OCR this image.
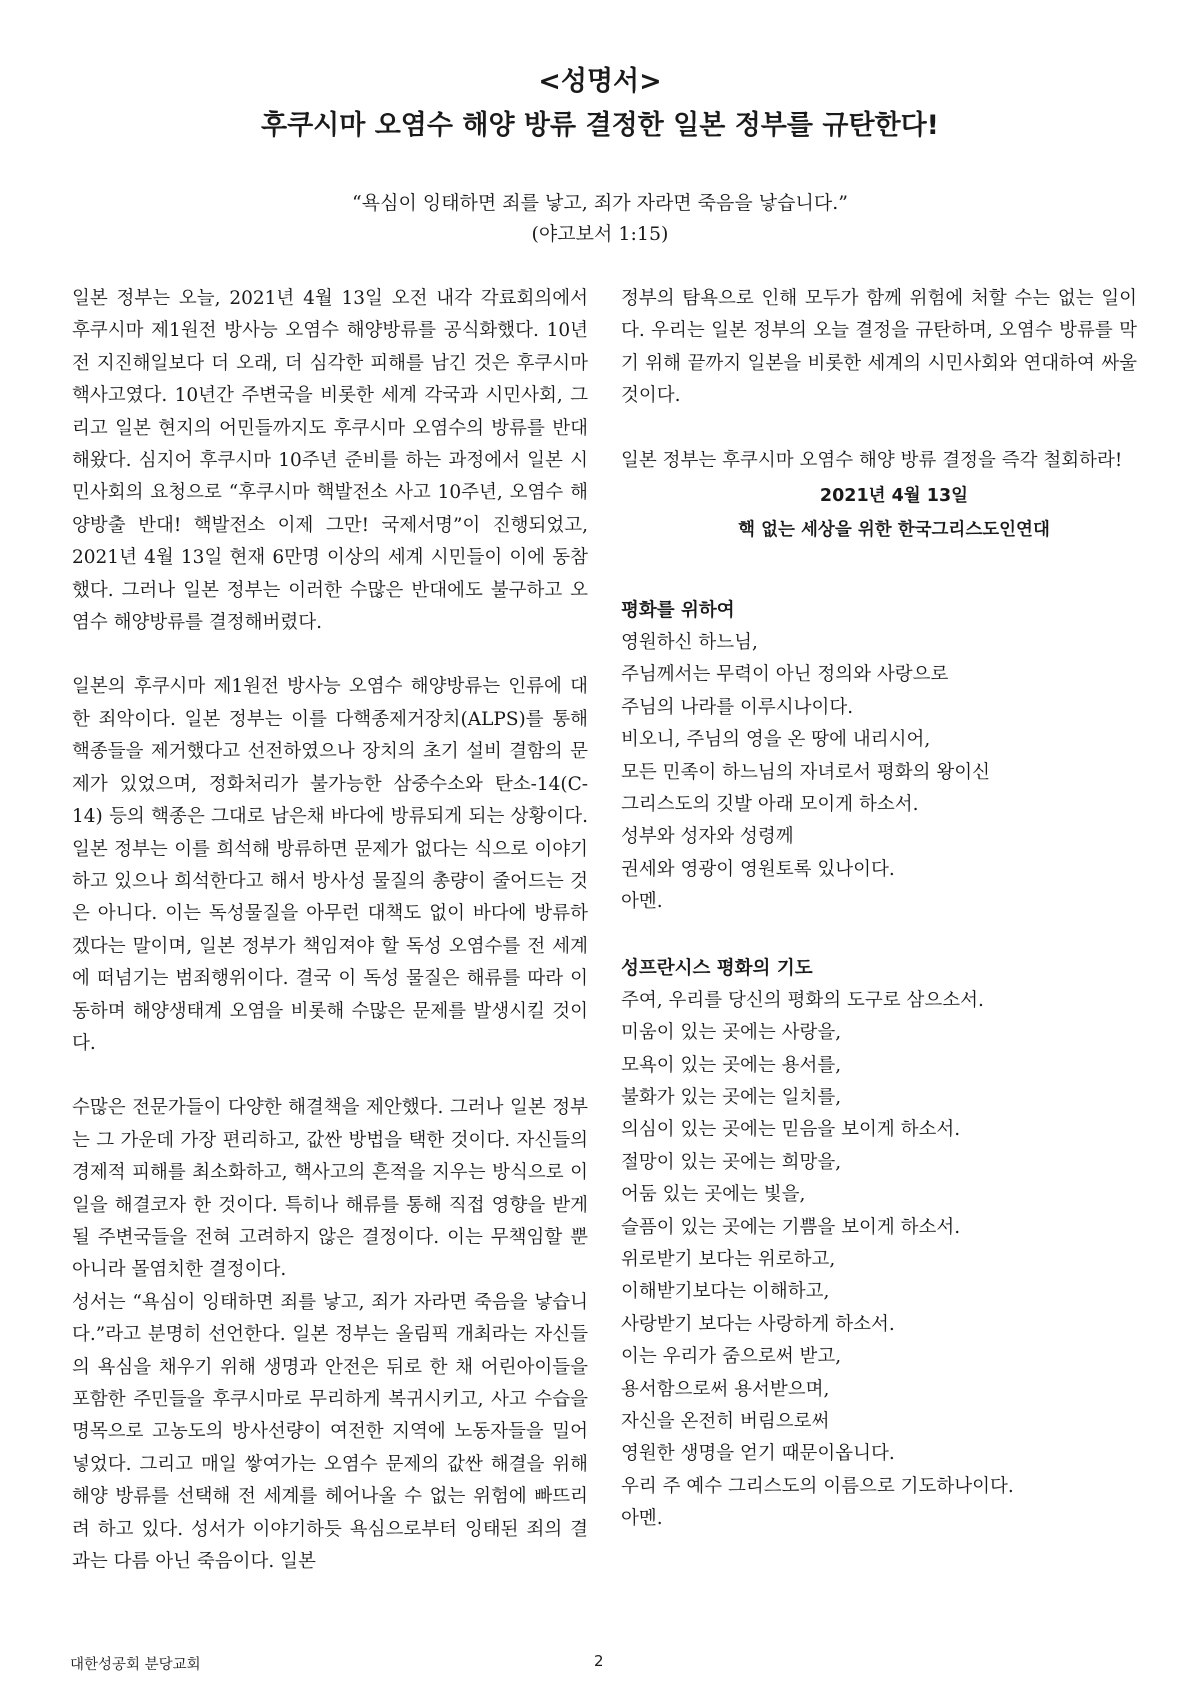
<성명서>
후쿠시마 오염수 해양 방류 결정한 일본 정부를 규탄한다!
“욕심이 잉태하면 죄를 낳고, 죄가 자라면 죽음을 낳습니다.”
(야고보서 1:15)

일본 정부는 오늘, 2021년 4월 13일 오전 내각 각료회의에서 후쿠시마 제1원전 방사능 오염수 해양방류를 공식화했다. 10년 전 지진해일보다 더 오래, 더 심각한 피해를 남긴 것은 후쿠시마 핵사고였다. 10년간 주변국을 비롯한 세계 각국과 시민사회, 그리고 일본 현지의 어민들까지도 후쿠시마 오염수의 방류를 반대해왔다. 심지어 후쿠시마 10주년 준비를 하는 과정에서 일본 시민사회의 요청으로 “후쿠시마 핵발전소 사고 10주년, 오염수 해양방출 반대! 핵발전소 이제 그만! 국제서명”이 진행되었고, 2021년 4월 13일 현재 6만명 이상의 세계 시민들이 이에 동참했다. 그러나 일본 정부는 이러한 수많은 반대에도 불구하고 오염수 해양방류를 결정해버렸다.

일본의 후쿠시마 제1원전 방사능 오염수 해양방류는 인류에 대한 죄악이다. 일본 정부는 이를 다핵종제거장치(ALPS)를 통해 핵종들을 제거했다고 선전하였으나 장치의 초기 설비 결함의 문제가 있었으며, 정화처리가 불가능한 삼중수소와 탄소-14(C-14) 등의 핵종은 그대로 남은채 바다에 방류되게 되는 상황이다. 일본 정부는 이를 희석해 방류하면 문제가 없다는 식으로 이야기하고 있으나 희석한다고 해서 방사성 물질의 총량이 줄어드는 것은 아니다. 이는 독성물질을 아무런 대책도 없이 바다에 방류하겠다는 말이며, 일본 정부가 책임져야 할 독성 오염수를 전 세계에 떠넘기는 범죄행위이다. 결국 이 독성 물질은 해류를 따라 이동하며 해양생태계 오염을 비롯해 수많은 문제를 발생시킬 것이다.

수많은 전문가들이 다양한 해결책을 제안했다. 그러나 일본 정부는 그 가운데 가장 편리하고, 값싼 방법을 택한 것이다. 자신들의 경제적 피해를 최소화하고, 핵사고의 흔적을 지우는 방식으로 이 일을 해결코자 한 것이다. 특히나 해류를 통해 직접 영향을 받게 될 주변국들을 전혀 고려하지 않은 결정이다. 이는 무책임할 뿐 아니라 몰염치한 결정이다.

성서는 “욕심이 잉태하면 죄를 낳고, 죄가 자라면 죽음을 낳습니다.”라고 분명히 선언한다. 일본 정부는 올림픽 개최라는 자신들의 욕심을 채우기 위해 생명과 안전은 뒤로 한 채 어린아이들을 포함한 주민들을 후쿠시마로 무리하게 복귀시키고, 사고 수습을 명목으로 고농도의 방사선량이 여전한 지역에 노동자들을 밀어 넣었다. 그리고 매일 쌓여가는 오염수 문제의 값싼 해결을 위해 해양 방류를 선택해 전 세계를 헤어나올 수 없는 위험에 빠뜨리려 하고 있다. 성서가 이야기하듯 욕심으로부터 잉태된 죄의 결과는 다름 아닌 죽음이다. 일본

정부의 탐욕으로 인해 모두가 함께 위험에 처할 수는 없는 일이다. 우리는 일본 정부의 오늘 결정을 규탄하며, 오염수 방류를 막기 위해 끝까지 일본을 비롯한 세계의 시민사회와 연대하여 싸울 것이다.

일본 정부는 후쿠시마 오염수 해양 방류 결정을 즉각 철회하라!

2021년 4월 13일
핵 없는 세상을 위한 한국그리스도인연대

평화를 위하여

영원하신 하느님,
주님께서는 무력이 아닌 정의와 사랑으로
주님의 나라를 이루시나이다.
비오니, 주님의 영을 온 땅에 내리시어,
모든 민족이 하느님의 자녀로서 평화의 왕이신
그리스도의 깃발 아래 모이게 하소서.
성부와 성자와 성령께
권세와 영광이 영원토록 있나이다.
아멘.

성프란시스 평화의 기도

주여, 우리를 당신의 평화의 도구로 삼으소서.
미움이 있는 곳에는 사랑을,
모욕이 있는 곳에는 용서를,
불화가 있는 곳에는 일치를,
의심이 있는 곳에는 믿음을 보이게 하소서.
절망이 있는 곳에는 희망을,
어둠 있는 곳에는 빛을,
슬픔이 있는 곳에는 기쁨을 보이게 하소서.
위로받기 보다는 위로하고,
이해받기보다는 이해하고,
사랑받기 보다는 사랑하게 하소서.
이는 우리가 줌으로써 받고,
용서함으로써 용서받으며,
자신을 온전히 버림으로써
영원한 생명을 얻기 때문이옵니다.
우리 주 예수 그리스도의 이름으로 기도하나이다.
아멘.

대한성공회 분당교회	2
